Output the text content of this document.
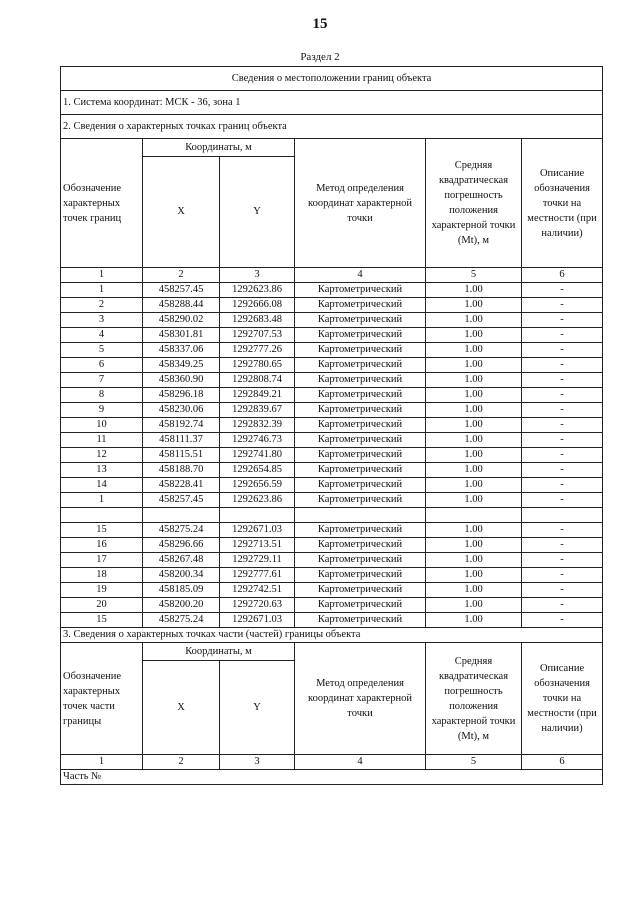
15
Раздел 2
Сведения о местоположении границ объекта					
1. Система координат: МСК - 36, зона 1					
2. Сведения о характерных точках границ объекта					
Обозначение характерных точек границ	Координаты, м		Метод определения координат характерной точки	Средняя квадратическая погрешность положения характерной точки (Mt), м	Описание обозначения точки на местности (при наличии)
	X	Y			
1	2	3	4	5	6
1	458257.45	1292623.86	Картометрический	1.00	-
2	458288.44	1292666.08	Картометрический	1.00	-
3	458290.02	1292683.48	Картометрический	1.00	-
4	458301.81	1292707.53	Картометрический	1.00	-
5	458337.06	1292777.26	Картометрический	1.00	-
6	458349.25	1292780.65	Картометрический	1.00	-
7	458360.90	1292808.74	Картометрический	1.00	-
8	458296.18	1292849.21	Картометрический	1.00	-
9	458230.06	1292839.67	Картометрический	1.00	-
10	458192.74	1292832.39	Картометрический	1.00	-
11	458111.37	1292746.73	Картометрический	1.00	-
12	458115.51	1292741.80	Картометрический	1.00	-
13	458188.70	1292654.85	Картометрический	1.00	-
14	458228.41	1292656.59	Картометрический	1.00	-
1	458257.45	1292623.86	Картометрический	1.00	-

15	458275.24	1292671.03	Картометрический	1.00	-
16	458296.66	1292713.51	Картометрический	1.00	-
17	458267.48	1292729.11	Картометрический	1.00	-
18	458200.34	1292777.61	Картометрический	1.00	-
19	458185.09	1292742.51	Картометрический	1.00	-
20	458200.20	1292720.63	Картометрический	1.00	-
15	458275.24	1292671.03	Картометрический	1.00	-
3. Сведения о характерных точках части (частей) границы объекта					
Обозначение характерных точек части границы	Координаты, м		Метод определения координат характерной точки	Средняя квадратическая погрешность положения характерной точки (Mt), м	Описание обозначения точки на местности (при наличии)
	X	Y			
1	2	3	4	5	6
Часть №					
